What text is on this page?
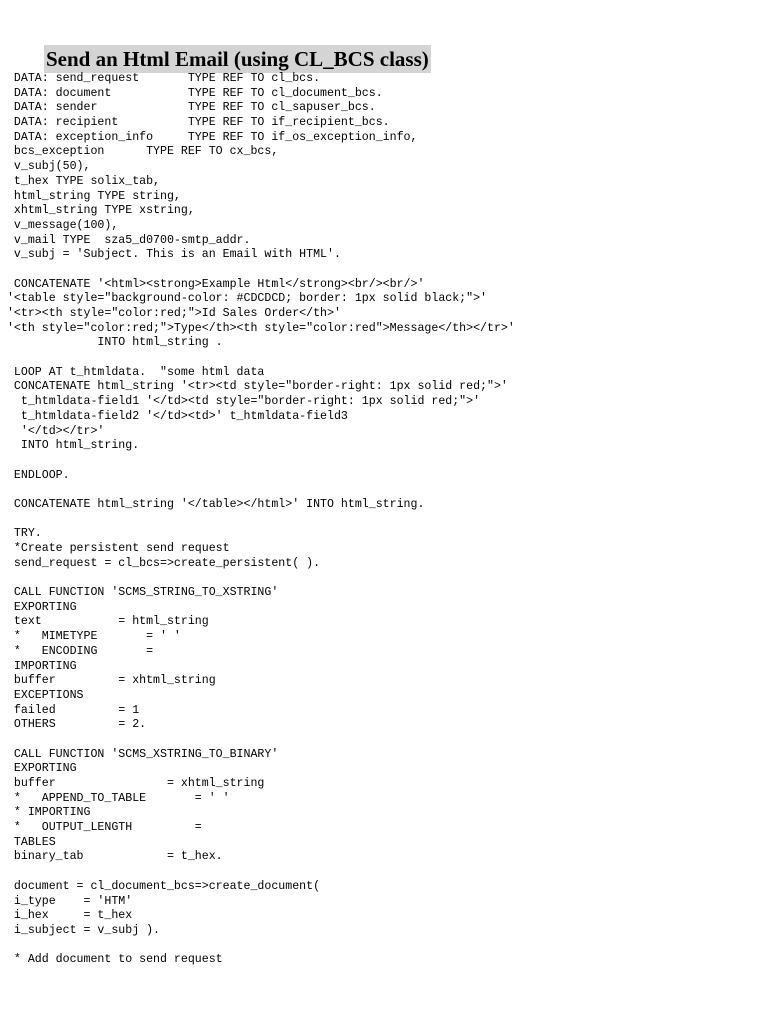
Send an Html Email (using CL_BCS class)
DATA: send_request       TYPE REF TO cl_bcs.
DATA: document           TYPE REF TO cl_document_bcs.
DATA: sender             TYPE REF TO cl_sapuser_bcs.
DATA: recipient          TYPE REF TO if_recipient_bcs.
DATA: exception_info     TYPE REF TO if_os_exception_info,
bcs_exception      TYPE REF TO cx_bcs,
v_subj(50),
t_hex TYPE solix_tab,
html_string TYPE string,
xhtml_string TYPE xstring,
v_message(100),
v_mail TYPE  sza5_d0700-smtp_addr.
v_subj = 'Subject. This is an Email with HTML'.
CONCATENATE '<html><strong>Example Html</strong><br/><br/>'
'<table style="background-color: #CDCDCD; border: 1px solid black;">'
'<tr><th style="color:red;">Id Sales Order</th>'
'<th style="color:red;">Type</th><th style="color:red">Message</th></tr>'
INTO html_string .
LOOP AT t_htmldata.  "some html data
CONCATENATE html_string '<tr><td style="border-right: 1px solid red;">'
t_htmldata-field1 '</td><td style="border-right: 1px solid red;">'
t_htmldata-field2 '</td><td>' t_htmldata-field3
'</td></tr>'
INTO html_string.
ENDLOOP.
CONCATENATE html_string '</table></html>' INTO html_string.
TRY.
*Create persistent send request
send_request = cl_bcs=>create_persistent( ).
CALL FUNCTION 'SCMS_STRING_TO_XSTRING'
EXPORTING
text           = html_string
*   MIMETYPE       = ' '
*   ENCODING       =
IMPORTING
buffer         = xhtml_string
EXCEPTIONS
failed         = 1
OTHERS         = 2.
CALL FUNCTION 'SCMS_XSTRING_TO_BINARY'
EXPORTING
buffer                = xhtml_string
*   APPEND_TO_TABLE       = ' '
* IMPORTING
*   OUTPUT_LENGTH         =
TABLES
binary_tab            = t_hex.
document = cl_document_bcs=>create_document(
i_type    = 'HTM'
i_hex     = t_hex
i_subject = v_subj ).
* Add document to send request
